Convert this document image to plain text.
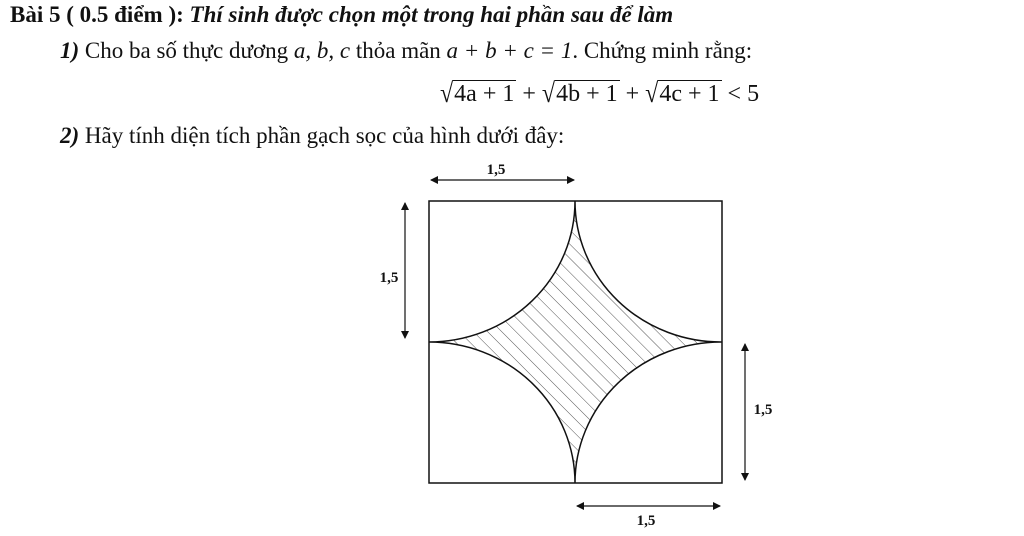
Bài 5 ( 0.5 điểm ): Thí sinh được chọn một trong hai phần sau để làm
1) Cho ba số thực dương a, b, c thỏa mãn a + b + c = 1. Chứng minh rằng:
√4a + 1 + √4b + 1 + √4c + 1 < 5
2) Hãy tính diện tích phần gạch sọc của hình dưới đây:
1,5
1,5
1,5
1,5
